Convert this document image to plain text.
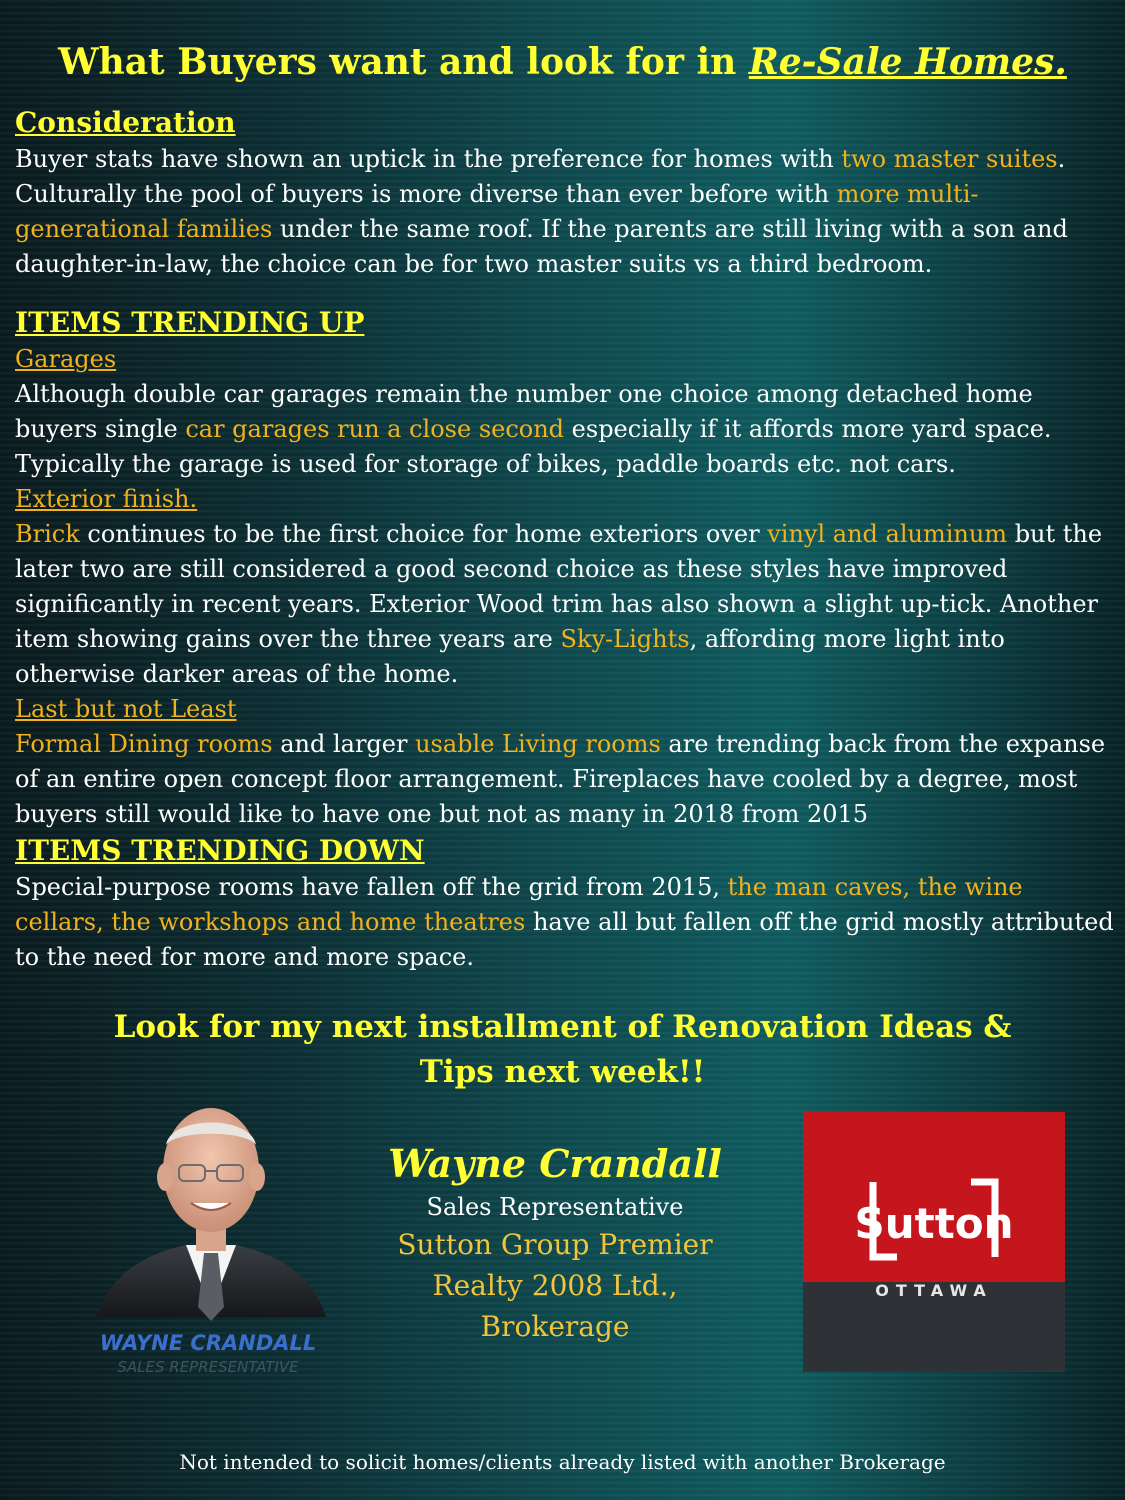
What Buyers want and look for in Re-Sale Homes.
Consideration

Buyer stats have shown an uptick in the preference for homes with two master suites. Culturally the pool of buyers is more diverse than ever before with more multi-generational families under the same roof. If the parents are still living with a son and daughter-in-law, the choice can be for two master suits vs a third bedroom.

ITEMS TRENDING UP
Garages

Although double car garages remain the number one choice among detached home buyers single car garages run a close second especially if it affords more yard space. Typically the garage is used for storage of bikes, paddle boards etc. not cars.

Exterior finish.

Brick continues to be the first choice for home exteriors over vinyl and aluminum but the later two are still considered a good second choice as these styles have improved significantly in recent years. Exterior Wood trim has also shown a slight up-tick. Another item showing gains over the three years are Sky-Lights, affording more light into otherwise darker areas of the home.

Last but not Least

Formal Dining rooms and larger usable Living rooms are trending back from the expanse of an entire open concept floor arrangement. Fireplaces have cooled by a degree, most buyers still would like to have one but not as many in 2018 from 2015

ITEMS TRENDING DOWN

Special-purpose rooms have fallen off the grid from 2015, the man caves, the wine cellars, the workshops and home theatres have all but fallen off the grid mostly attributed to the need for more and more space.

Look for my next installment of Renovation Ideas &
Tips next week!!
WAYNE CRANDALL
SALES REPRESENTATIVE
Wayne Crandall
Sales Representative
Sutton Group Premier
Realty 2008 Ltd.,
Brokerage
Sutton
OTTAWA
Not intended to solicit homes/clients already listed with another Brokerage
